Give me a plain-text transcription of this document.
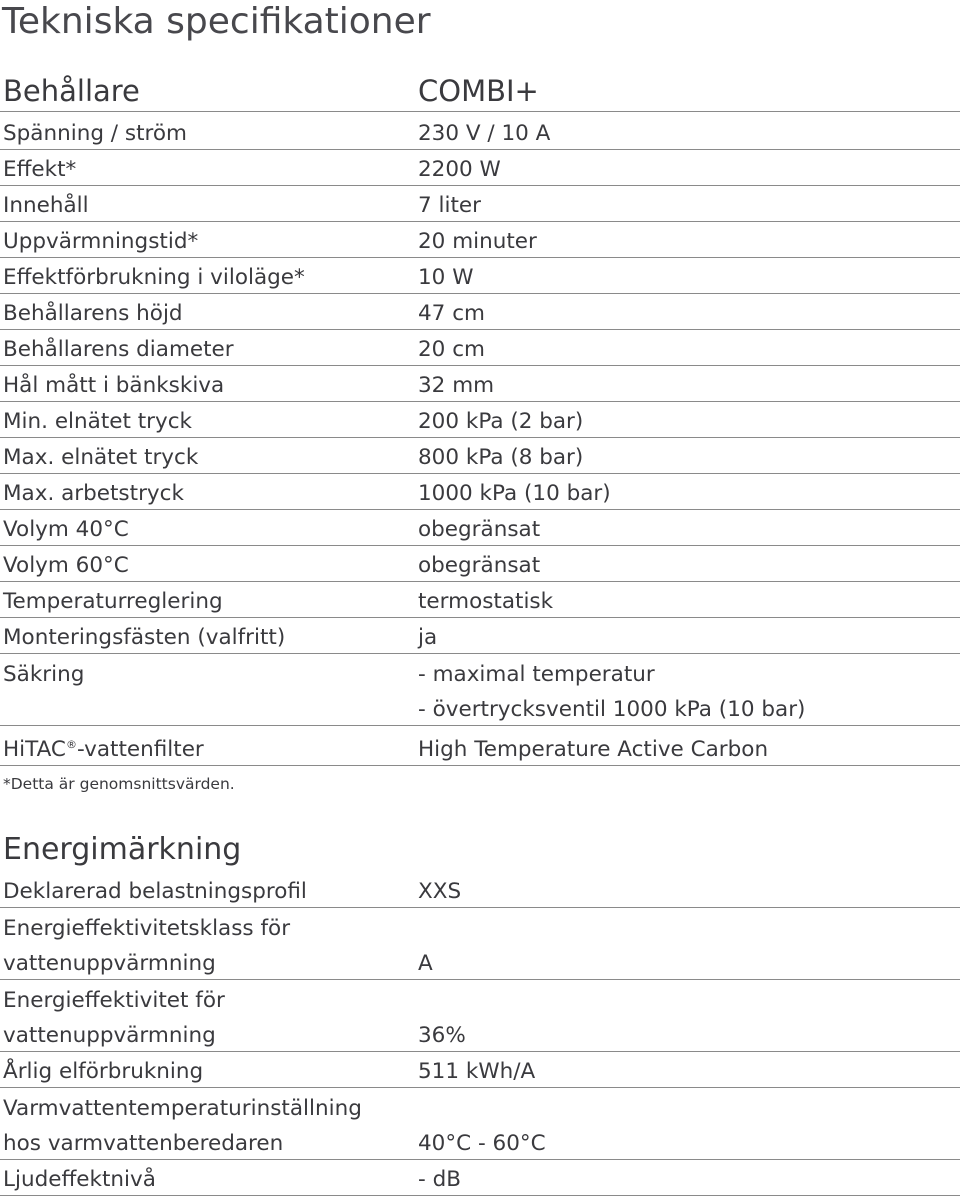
Tekniska specifikationer
Behållare	COMBI+
Spänning / ström	230 V / 10 A
Effekt*	2200 W
Innehåll	7 liter
Uppvärmningstid*	20 minuter
Effektförbrukning i viloläge*	10 W
Behållarens höjd	47 cm
Behållarens diameter	20 cm
Hål mått i bänkskiva	32 mm
Min. elnätet tryck	200 kPa (2 bar)
Max. elnätet tryck	800 kPa (8 bar)
Max. arbetstryck	1000 kPa (10 bar)
Volym 40°C	obegränsat
Volym 60°C	obegränsat
Temperaturreglering	termostatisk
Monteringsfästen (valfritt)	ja
Säkring	- maximal temperatur
- övertrycksventil 1000 kPa (10 bar)
HiTAC®-vattenfilter	High Temperature Active Carbon
*Detta är genomsnittsvärden.
Energimärkning
Deklarerad belastningsprofil	XXS
Energieffektivitetsklass för
vattenuppvärmning	A
Energieffektivitet för
vattenuppvärmning	36%
Årlig elförbrukning	511 kWh/A
Varmvattentemperaturinställning
hos varmvattenberedaren	40°C - 60°C
Ljudeffektnivå	- dB
